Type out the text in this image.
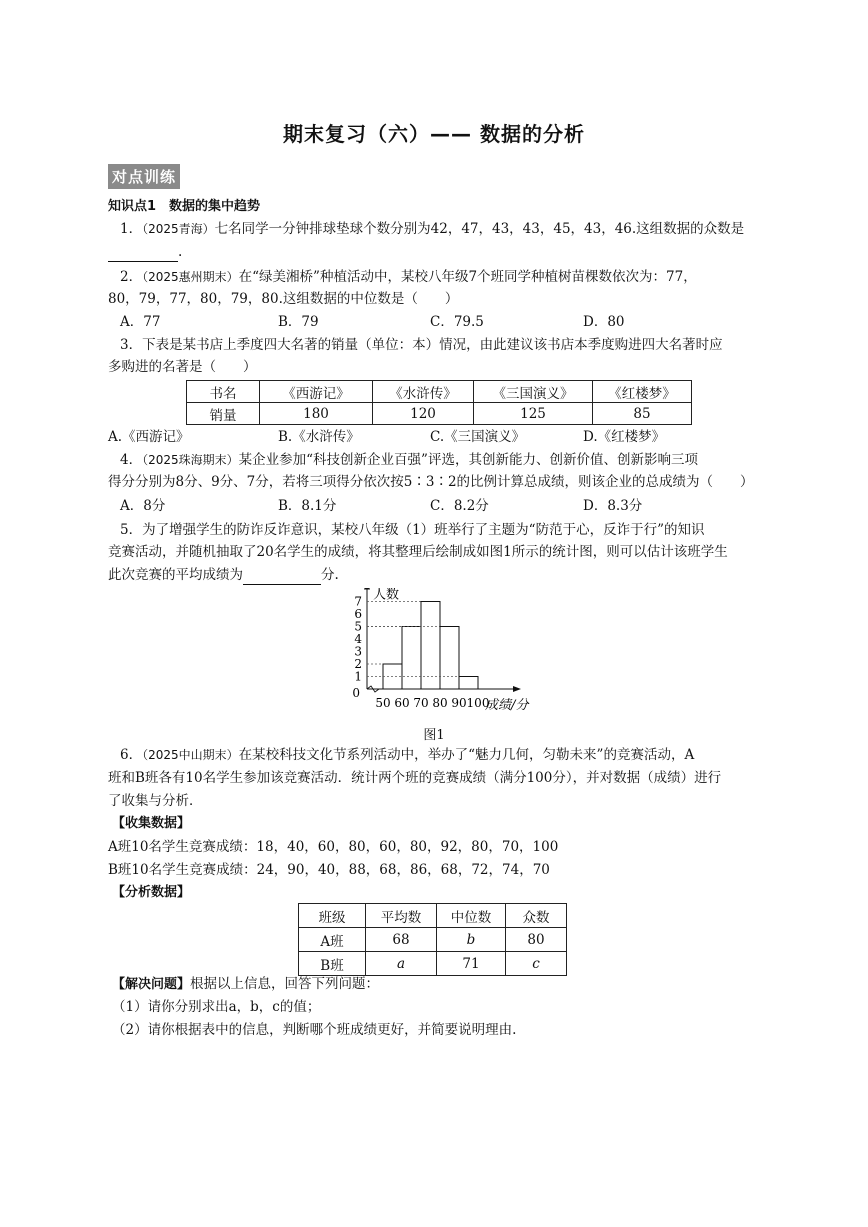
期末复习（六）—— 数据的分析
对点训练
知识点1　数据的集中趋势
1．（2025青海）七名同学一分钟排球垫球个数分别为42，47，43，43，45，43，46.这组数据的众数是
.
2．（2025惠州期末）在“绿美湘桥”种植活动中，某校八年级7个班同学种植树苗棵数依次为：77，
80，79，77，80，79，80.这组数据的中位数是（　　）
A．77	B．79	C．79.5	D．80
3．下表是某书店上季度四大名著的销量（单位：本）情况，由此建议该书店本季度购进四大名著时应
多购进的名著是（　　）
书名	《西游记》	《水浒传》	《三国演义》	《红楼梦》
销量	180	120	125	85
A.《西游记》	B.《水浒传》	C.《三国演义》	D.《红楼梦》
4．（2025珠海期末）某企业参加“科技创新企业百强”评选，其创新能力、创新价值、创新影响三项
得分分别为8分、9分、7分，若将三项得分依次按5∶3∶2的比例计算总成绩，则该企业的总成绩为（　　）
A．8分	B．8.1分	C．8.2分	D．8.3分
5．为了增强学生的防诈反诈意识，某校八年级（1）班举行了主题为“防范于心，反诈于行”的知识
竞赛活动，并随机抽取了20名学生的成绩，将其整理后绘制成如图1所示的统计图，则可以估计该班学生
此次竞赛的平均成绩为	分.
1
2
3
4
5
6
7
0
50 60 70 80 90 100
人数
成绩/分
图1
6．（2025中山期末）在某校科技文化节系列活动中，举办了“魅力几何，匀勒未来”的竞赛活动，A
班和B班各有10名学生参加该竞赛活动．统计两个班的竞赛成绩（满分100分），并对数据（成绩）进行
了收集与分析．
【收集数据】
A班10名学生竞赛成绩：18，40，60，80，60，80，92，80，70，100
B班10名学生竞赛成绩：24，90，40，88，68，86，68，72，74，70
【分析数据】
班级	平均数	中位数	众数
A班	68	b	80
B班	a	71	c
【解决问题】根据以上信息，回答下列问题：
（1）请你分别求出a，b，c的值；
（2）请你根据表中的信息，判断哪个班成绩更好，并简要说明理由.
